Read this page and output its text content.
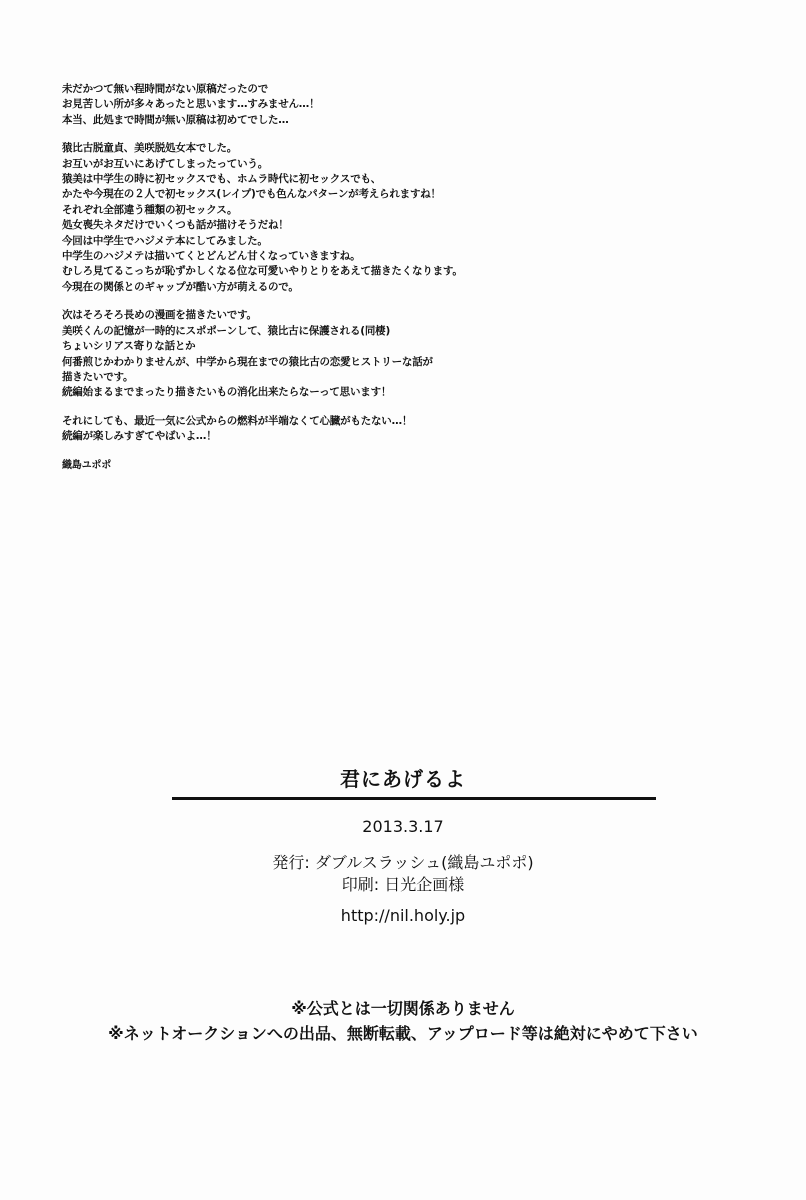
未だかつて無い程時間がない原稿だったので
お見苦しい所が多々あったと思います…すみません…！
本当、此処まで時間が無い原稿は初めてでした…
猿比古脱童貞、美咲脱処女本でした。
お互いがお互いにあげてしまったっていう。
猿美は中学生の時に初セックスでも、ホムラ時代に初セックスでも、
かたや今現在の２人で初セックス(レイプ)でも色んなパターンが考えられますね！
それぞれ全部違う種類の初セックス。
処女喪失ネタだけでいくつも話が描けそうだね！
今回は中学生でハジメテ本にしてみました。
中学生のハジメテは描いてくとどんどん甘くなっていきますね。
むしろ見てるこっちが恥ずかしくなる位な可愛いやりとりをあえて描きたくなります。
今現在の関係とのギャップが酷い方が萌えるので。
次はそろそろ長めの漫画を描きたいです。
美咲くんの記憶が一時的にスポポーンして、猿比古に保護される(同棲)
ちょいシリアス寄りな話とか
何番煎じかわかりませんが、中学から現在までの猿比古の恋愛ヒストリーな話が
描きたいです。
続編始まるまでまったり描きたいもの消化出来たらなーって思います！
それにしても、最近一気に公式からの燃料が半端なくて心臓がもたない…！
続編が楽しみすぎてやばいよ…！
織島ユポポ
君にあげるよ
2013.3.17
発行: ダブルスラッシュ(織島ユポポ)
印刷: 日光企画様
http://nil.holy.jp
※公式とは一切関係ありません
※ネットオークションへの出品、無断転載、アップロード等は絶対にやめて下さい
